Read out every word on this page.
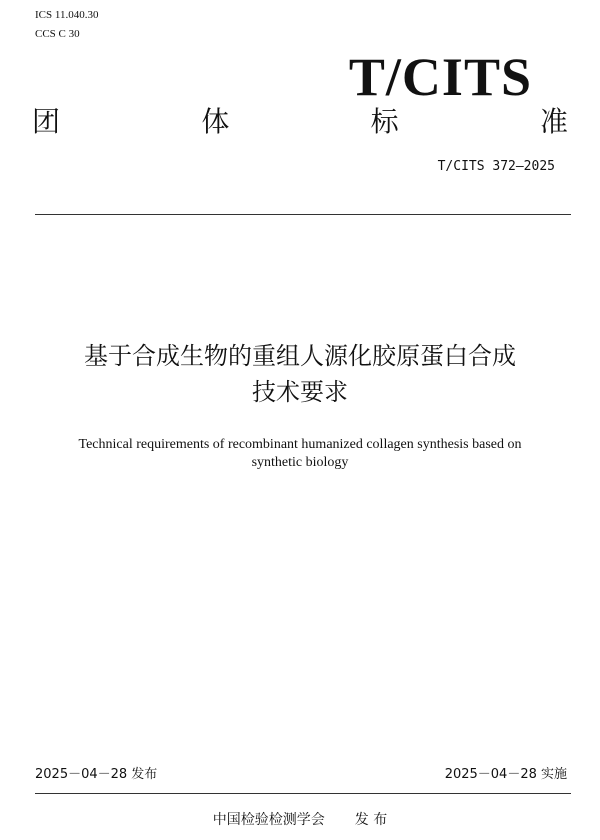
ICS 11.040.30
CCS C 30
T/CITS
团	体	标	准
T/CITS 372—2025
基于合成生物的重组人源化胶原蛋白合成
技术要求
Technical requirements of recombinant humanized collagen synthesis based on
synthetic biology
2025－04－28 发布	2025－04－28 实施
中国检验检测学会 发 布
